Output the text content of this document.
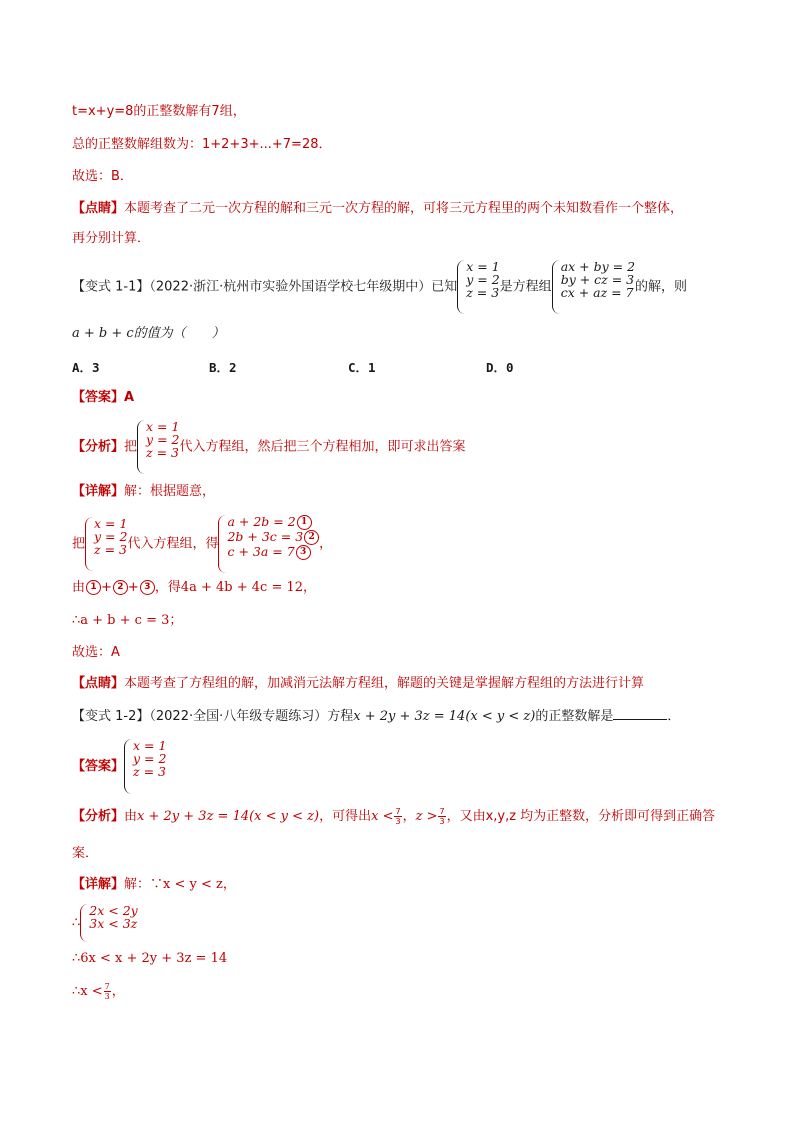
t=x+y=8的正整数解有7组，
总的正整数解组数为：1+2+3+...+7=28．
故选：B．
【点睛】本题考查了二元一次方程的解和三元一次方程的解，可将三元方程里的两个未知数看作一个整体，
再分别计算．
【变式 1-1】（2022·浙江·杭州市实验外国语学校七年级期中）已知
x = 1
y = 2
z = 3 是方程组
ax + by = 2
by + cz = 3
cx + az = 7 的解，则
a + b + c的值为（　　）
A．3	B．2	C．1	D．0
【答案】A
【分析】把
x = 1
y = 2
z = 3 代入方程组，然后把三个方程相加，即可求出答案
【详解】解：根据题意，
把
x = 1
y = 2
z = 3 代入方程组，得
a + 2b = 2 1
2b + 3c = 3 2
c + 3a = 7 3
，
由 1 + 2 + 3 ，得4a + 4b + 4c = 12，
∴a + b + c = 3；
故选：A
【点睛】本题考查了方程组的解，加减消元法解方程组，解题的关键是掌握解方程组的方法进行计算
【变式 1-2】（2022·全国·八年级专题练习）方程x + 2y + 3z = 14(x < y < z)的正整数解是	．
【答案】
x = 1
y = 2
z = 3
【分析】由x + 2y + 3z = 14(x < y < z)，可得出$x < \frac{7}{3}$ ，$z > \frac{7}{3}$ ，又由x,y,z 均为正整数，分析即可得到正确答
案．
【详解】解：∵x < y < z，
∴
2x < 2y
3x < 3z
∴6x < x + 2y + 3z = 14
∴x < $\frac{7}{3}$ ，
